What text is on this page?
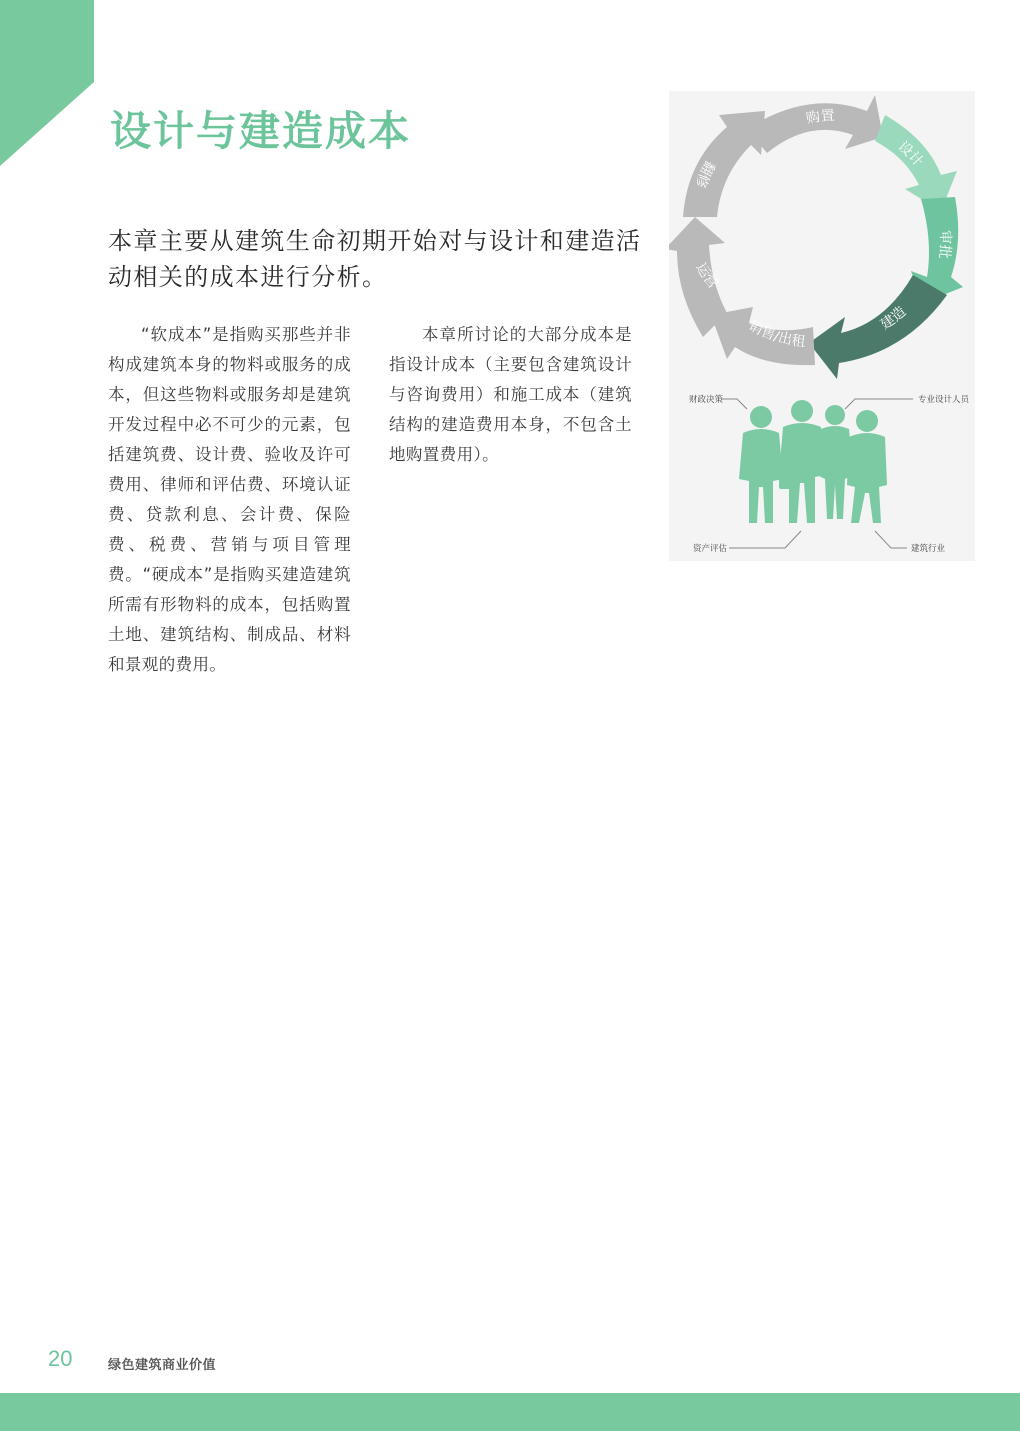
设计与建造成本

本章主要从建筑生命初期开始对与设计和建造活动相关的成本进行分析。

“软成本”是指购买那些并非构成建筑本身的物料或服务的成本，但这些物料或服务却是建筑开发过程中必不可少的元素，包括建筑费、设计费、验收及许可费用、律师和评估费、环境认证费、贷款利息、会计费、保险费、税费、营销与项目管理费。“硬成本”是指购买建造建筑所需有形物料的成本，包括购置土地、建筑结构、制成品、材料和景观的费用。

本章所讨论的大部分成本是指设计成本（主要包含建筑设计与咨询费用）和施工成本（建筑结构的建造费用本身，不包含土地购置费用）。

购置
设计
审批
建造
销售/出租
运营
翻修
财政决策	专业设计人员
资产评估	建筑行业
20	绿色建筑商业价值
